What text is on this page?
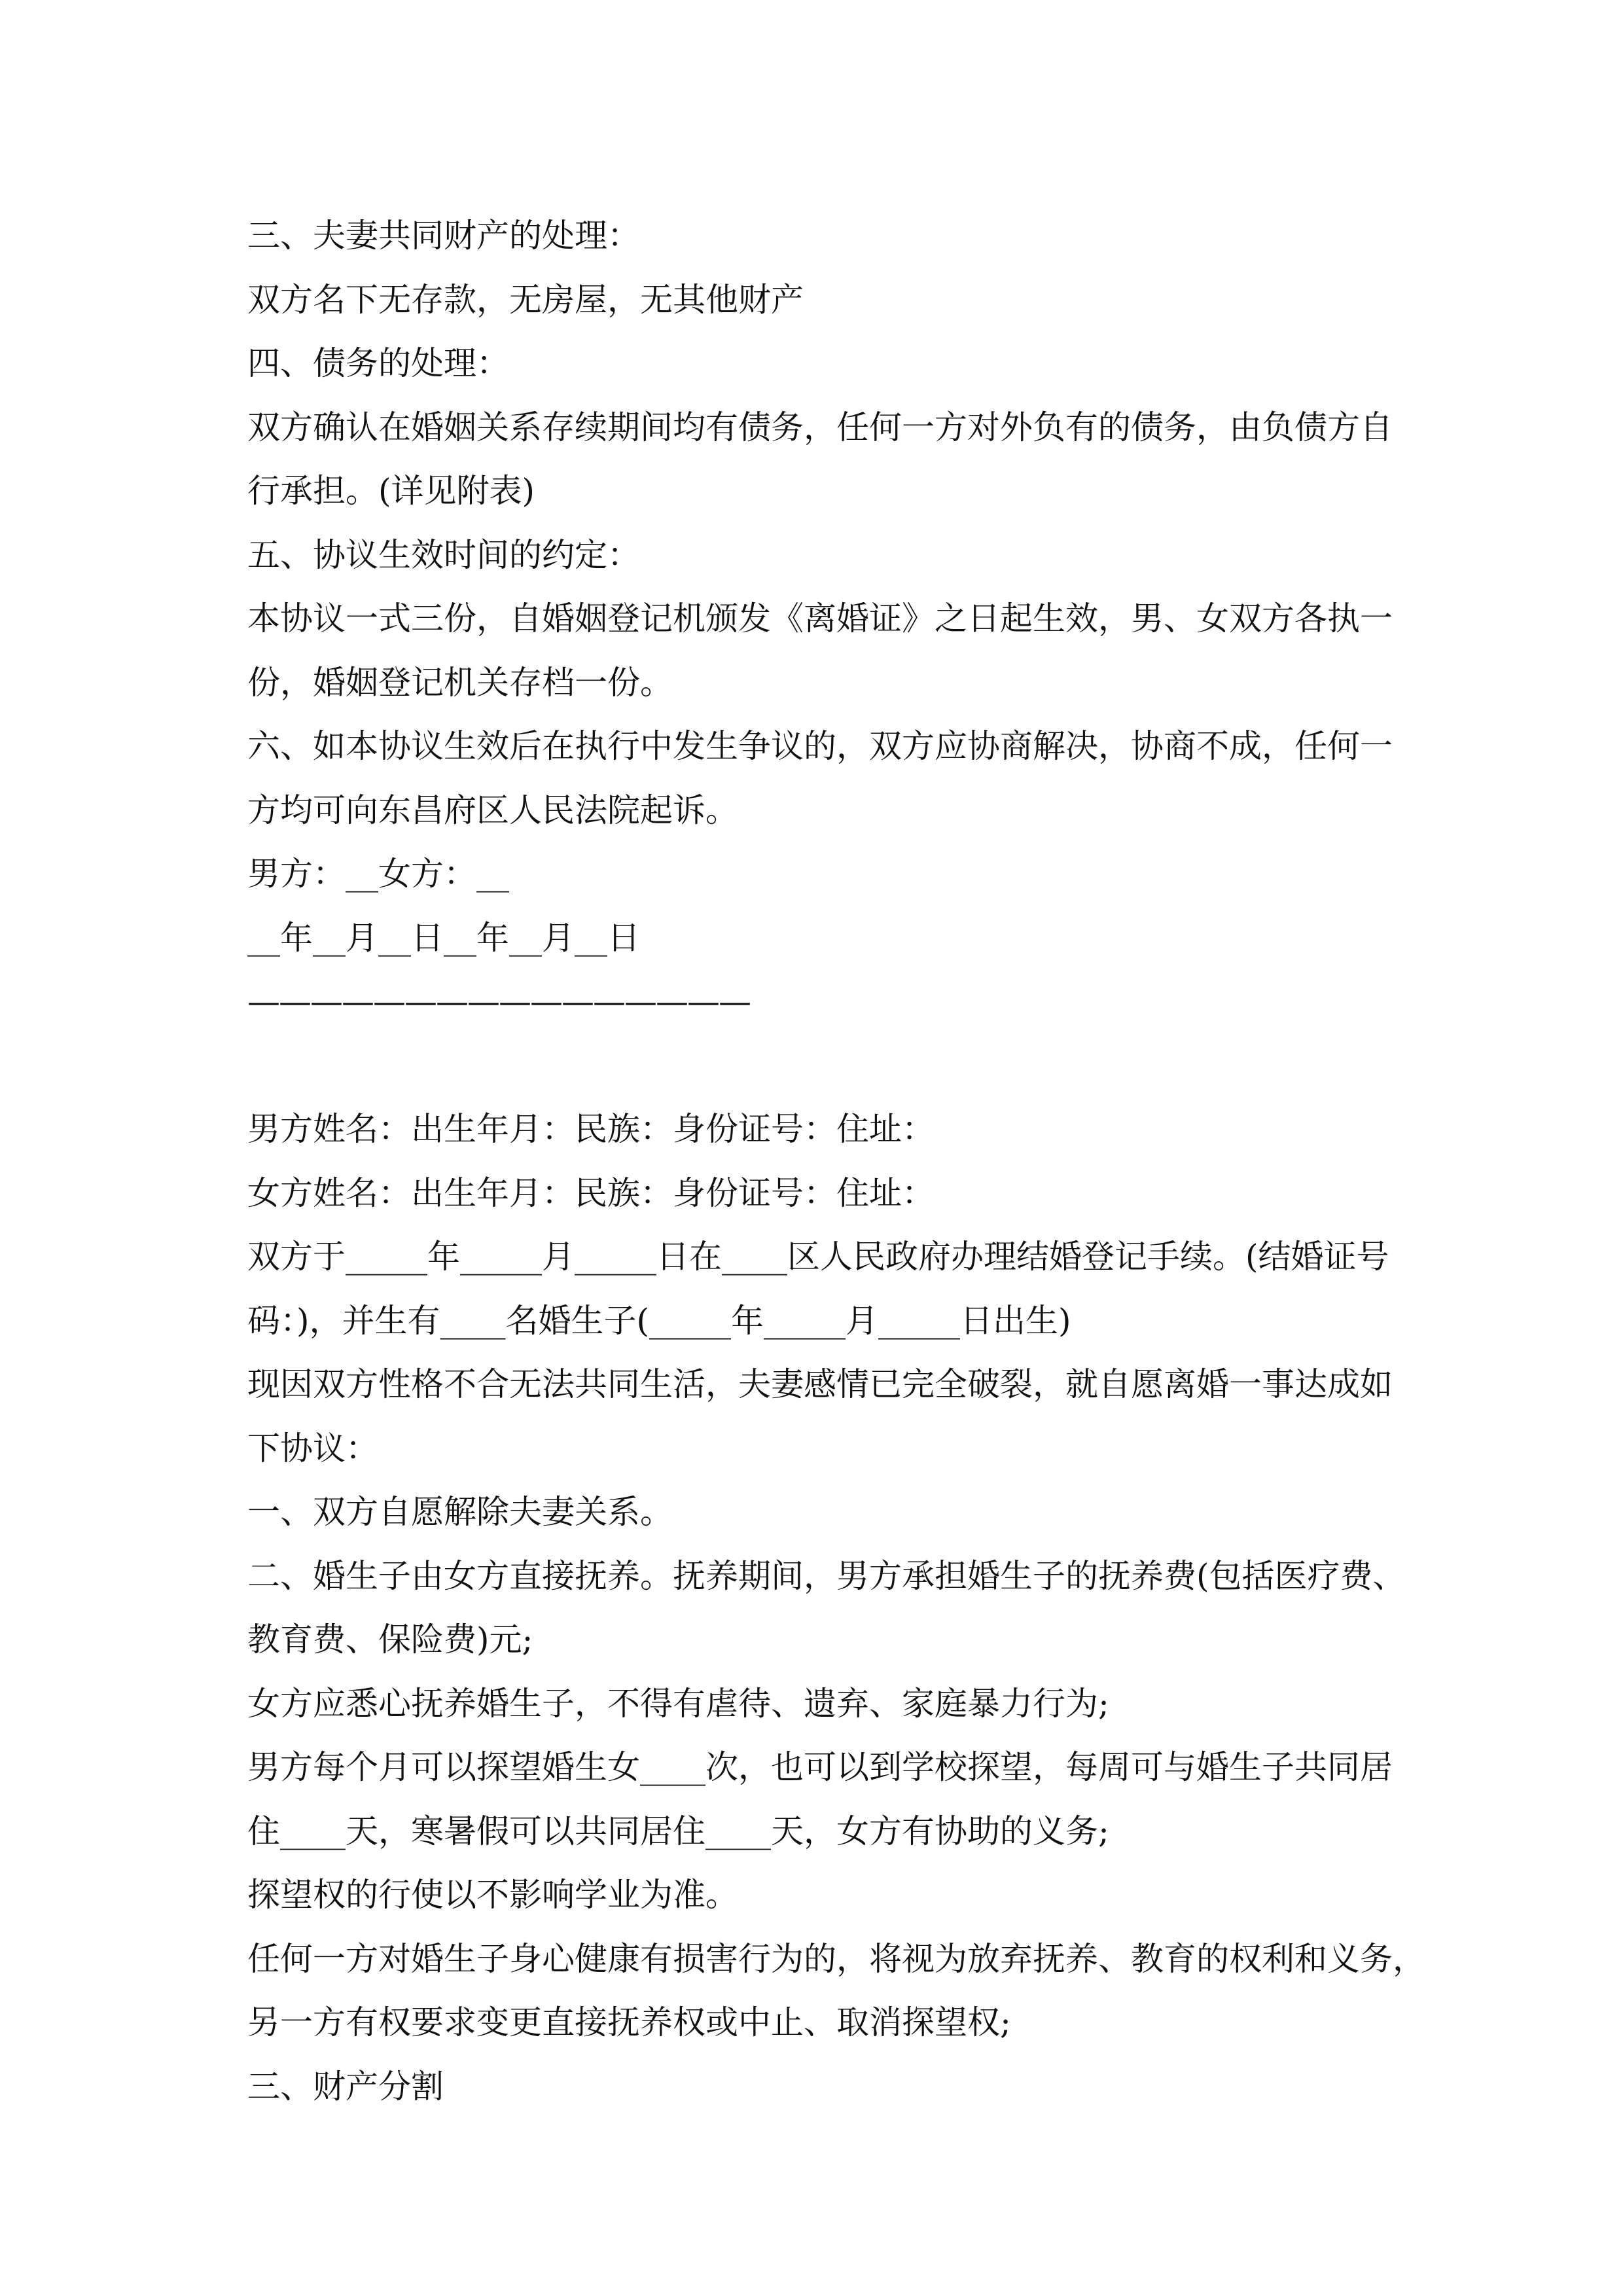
三、夫妻共同财产的处理：
双方名下无存款，无房屋，无其他财产
四、债务的处理：
双方确认在婚姻关系存续期间均有债务，任何一方对外负有的债务，由负债方自
行承担。(详见附表)
五、协议生效时间的约定：
本协议一式三份，自婚姻登记机颁发《离婚证》之日起生效，男、女双方各执一
份，婚姻登记机关存档一份。
六、如本协议生效后在执行中发生争议的，双方应协商解决，协商不成，任何一
方均可向东昌府区人民法院起诉。
男方：__女方：__
__年__月__日__年__月__日
————————————————
男方姓名：出生年月：民族：身份证号：住址：
女方姓名：出生年月：民族：身份证号：住址：
双方于_____年_____月_____日在____区人民政府办理结婚登记手续。(结婚证号
码：)，并生有____名婚生子(_____年_____月_____日出生)
现因双方性格不合无法共同生活，夫妻感情已完全破裂，就自愿离婚一事达成如
下协议：
一、双方自愿解除夫妻关系。
二、婚生子由女方直接抚养。抚养期间，男方承担婚生子的抚养费(包括医疗费、
教育费、保险费)元;
女方应悉心抚养婚生子，不得有虐待、遗弃、家庭暴力行为;
男方每个月可以探望婚生女____次，也可以到学校探望，每周可与婚生子共同居
住____天，寒暑假可以共同居住____天，女方有协助的义务;
探望权的行使以不影响学业为准。
任何一方对婚生子身心健康有损害行为的，将视为放弃抚养、教育的权利和义务，
另一方有权要求变更直接抚养权或中止、取消探望权;
三、财产分割
